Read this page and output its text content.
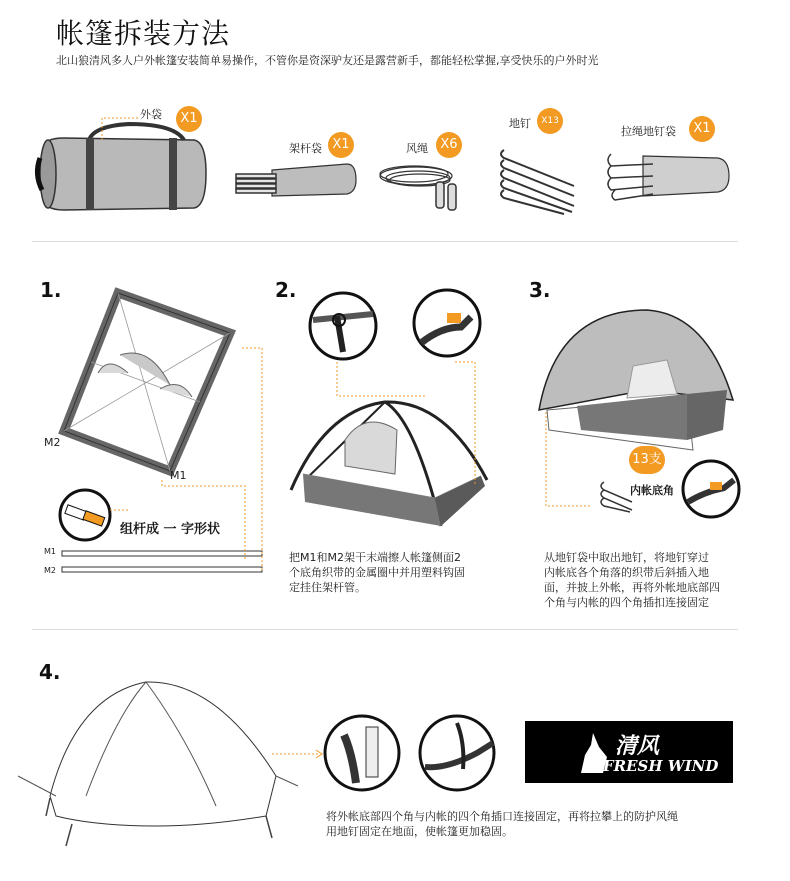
帐篷拆装方法
北山狼清风多人户外帐篷安装简单易操作，不管你是资深驴友还是露营新手，都能轻松掌握,享受快乐的户外时光
外袋	X1
架杆袋 X1	风绳 X6
地钉	X13
拉绳地钉袋	X1
1.
M2
M1
组杆成 一 字形状
M1
M2
2.
把M1和M2架干末端擦人帐篷侧面2
个底角织带的金属圈中并用塑料钩固
定挂住架杆管。
3.
13支
内帐底角
从地钉袋中取出地钉，将地钉穿过
内帐底各个角落的织带后斜插入地
面，并披上外帐，再将外帐地底部四
个角与内帐的四个角插扣连接固定
4.
清风
FRESH WIND
将外帐底部四个角与内帐的四个角插口连接固定，再将拉攀上的防护风绳
用地钉固定在地面，使帐篷更加稳固。
